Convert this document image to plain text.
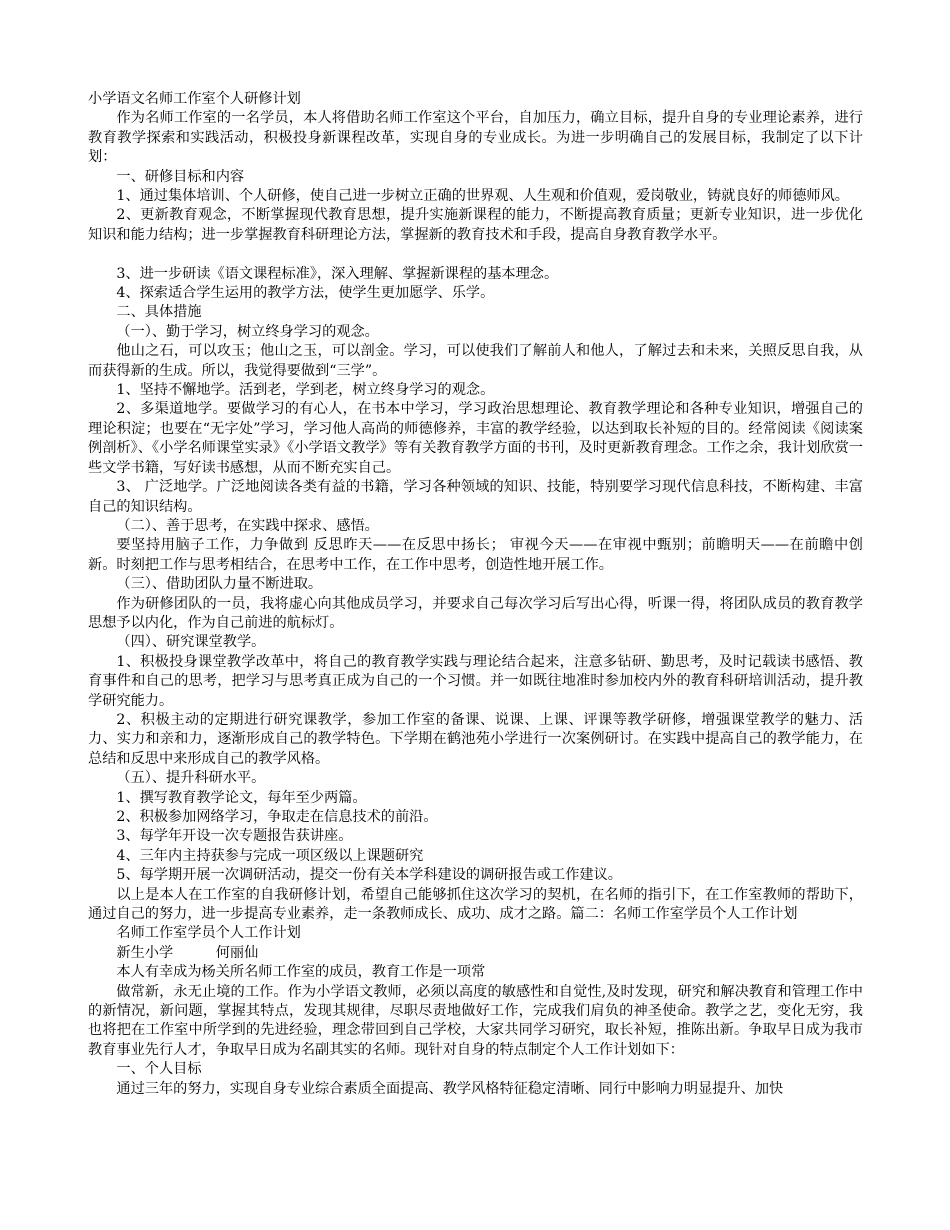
小学语文名师工作室个人研修计划

作为名师工作室的一名学员，本人将借助名师工作室这个平台，自加压力，确立目标，提升自身的专业理论素养，进行教育教学探索和实践活动，积极投身新课程改革，实现自身的专业成长。为进一步明确自己的发展目标，我制定了以下计划：

一、研修目标和内容

1、通过集体培训、个人研修，使自己进一步树立正确的世界观、人生观和价值观，爱岗敬业，铸就良好的师德师风。

2、更新教育观念，不断掌握现代教育思想，提升实施新课程的能力，不断提高教育质量；更新专业知识，进一步优化知识和能力结构；进一步掌握教育科研理论方法，掌握新的教育技术和手段，提高自身教育教学水平。

3、进一步研读《语文课程标准》，深入理解、掌握新课程的基本理念。

4、探索适合学生运用的教学方法，使学生更加愿学、乐学。

二、具体措施

（一）、勤于学习，树立终身学习的观念。

他山之石，可以攻玉；他山之玉，可以剖金。学习，可以使我们了解前人和他人，了解过去和未来，关照反思自我，从而获得新的生成。所以，我觉得要做到“三学”。

1、坚持不懈地学。活到老，学到老，树立终身学习的观念。

2、多渠道地学。要做学习的有心人，在书本中学习，学习政治思想理论、教育教学理论和各种专业知识，增强自己的理论积淀；也要在“无字处”学习，学习他人高尚的师德修养，丰富的教学经验，以达到取长补短的目的。经常阅读《阅读案例剖析》、《小学名师课堂实录》《小学语文教学》等有关教育教学方面的书刊，及时更新教育理念。工作之余，我计划欣赏一些文学书籍，写好读书感想，从而不断充实自己。

3、 广泛地学。广泛地阅读各类有益的书籍，学习各种领域的知识、技能，特别要学习现代信息科技，不断构建、丰富自己的知识结构。

（二）、善于思考，在实践中探求、感悟。

要坚持用脑子工作，力争做到 反思昨天——在反思中扬长； 审视今天——在审视中甄别；前瞻明天——在前瞻中创新。时刻把工作与思考相结合，在思考中工作，在工作中思考，创造性地开展工作。

（三）、借助团队力量不断进取。

作为研修团队的一员，我将虚心向其他成员学习，并要求自己每次学习后写出心得，听课一得，将团队成员的教育教学思想予以内化，作为自己前进的航标灯。

（四）、研究课堂教学。

1、积极投身课堂教学改革中，将自己的教育教学实践与理论结合起来，注意多钻研、勤思考，及时记载读书感悟、教育事件和自己的思考，把学习与思考真正成为自己的一个习惯。并一如既往地准时参加校内外的教育科研培训活动，提升教学研究能力。

2、积极主动的定期进行研究课教学，参加工作室的备课、说课、上课、评课等教学研修，增强课堂教学的魅力、活力、实力和亲和力，逐渐形成自己的教学特色。下学期在鹤池苑小学进行一次案例研讨。在实践中提高自己的教学能力，在总结和反思中来形成自己的教学风格。

（五）、提升科研水平。

1、撰写教育教学论文，每年至少两篇。

2、积极参加网络学习，争取走在信息技术的前沿。

3、每学年开设一次专题报告获讲座。

4、三年内主持获参与完成一项区级以上课题研究

5、每学期开展一次调研活动，提交一份有关本学科建设的调研报告或工作建议。

以上是本人在工作室的自我研修计划，希望自己能够抓住这次学习的契机，在名师的指引下，在工作室教师的帮助下，通过自己的努力，进一步提高专业素养，走一条教师成长、成功、成才之路。篇二：名师工作室学员个人工作计划

名师工作室学员个人工作计划

新生小学　　　何丽仙

本人有幸成为杨关所名师工作室的成员，教育工作是一项常

做常新，永无止境的工作。作为小学语文教师，必须以高度的敏感性和自觉性,及时发现，研究和解决教育和管理工作中的新情况，新问题，掌握其特点，发现其规律，尽职尽责地做好工作，完成我们肩负的神圣使命。教学之艺，变化无穷，我也将把在工作室中所学到的先进经验，理念带回到自己学校，大家共同学习研究，取长补短，推陈出新。争取早日成为我市教育事业先行人才，争取早日成为名副其实的名师。现针对自身的特点制定个人工作计划如下：

一、个人目标

通过三年的努力，实现自身专业综合素质全面提高、教学风格特征稳定清晰、同行中影响力明显提升、加快
